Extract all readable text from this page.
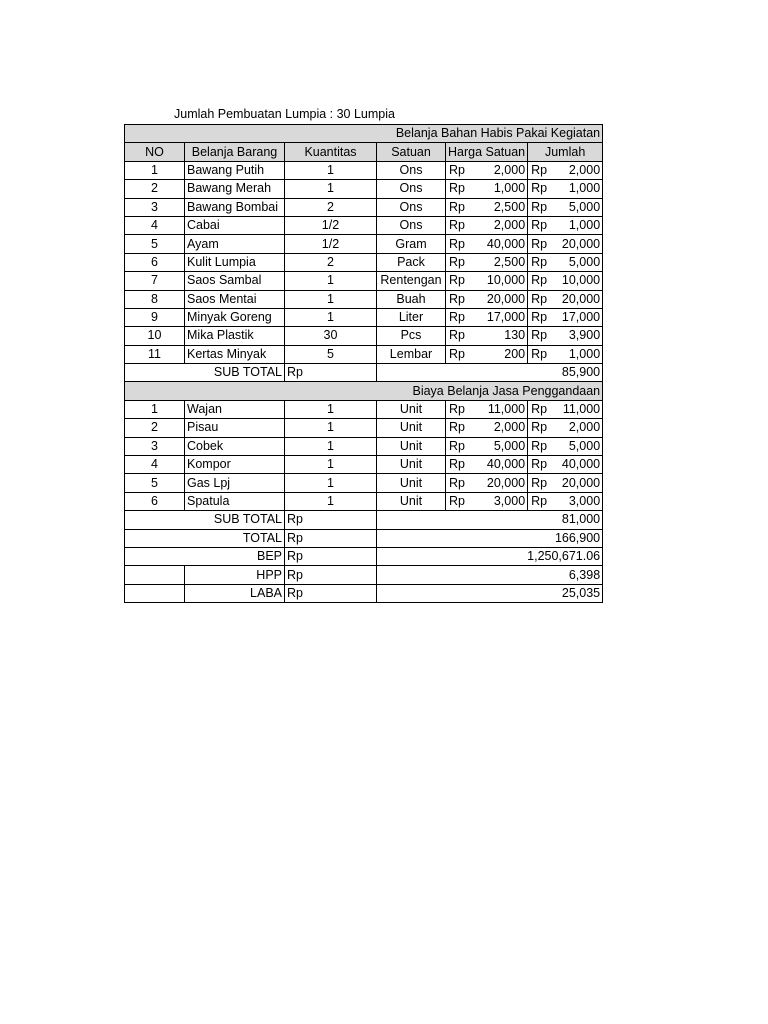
Jumlah Pembuatan Lumpia : 30 Lumpia
Belanja Bahan Habis Pakai Kegiatan					
NO	Belanja Barang	Kuantitas	Satuan	Harga Satuan	Jumlah
1	Bawang Putih	1	Ons	Rp 2,000	Rp 2,000

2	Bawang Merah	1	Ons	Rp 1,000	Rp 1,000

3	Bawang Bombai	2	Ons	Rp 2,500	Rp 5,000

4	Cabai	1/2	Ons	Rp 2,000	Rp 1,000

5	Ayam	1/2	Gram	Rp 40,000	Rp 20,000

6	Kulit Lumpia	2	Pack	Rp 2,500	Rp 5,000

7	Saos Sambal	1	Rentengan	Rp 10,000	Rp 10,000

8	Saos Mentai	1	Buah	Rp 20,000	Rp 20,000

9	Minyak Goreng	1	Liter	Rp 17,000	Rp 17,000

10	Mika Plastik	30	Pcs	Rp 130	Rp 3,900

11	Kertas Minyak	5	Lembar	Rp 200	Rp 1,000

SUB TOTAL		Rp	85,900		
Biaya Belanja Jasa Penggandaan					
1	Wajan	1	Unit	Rp 11,000	Rp 11,000

2	Pisau	1	Unit	Rp 2,000	Rp 2,000

3	Cobek	1	Unit	Rp 5,000	Rp 5,000

4	Kompor	1	Unit	Rp 40,000	Rp 40,000

5	Gas Lpj	1	Unit	Rp 20,000	Rp 20,000

6	Spatula	1	Unit	Rp 3,000	Rp 3,000

SUB TOTAL		Rp	81,000		
TOTAL		Rp	166,900		
BEP		Rp	1,250,671.06		
	HPP	Rp	6,398		
	LABA	Rp	25,035		
